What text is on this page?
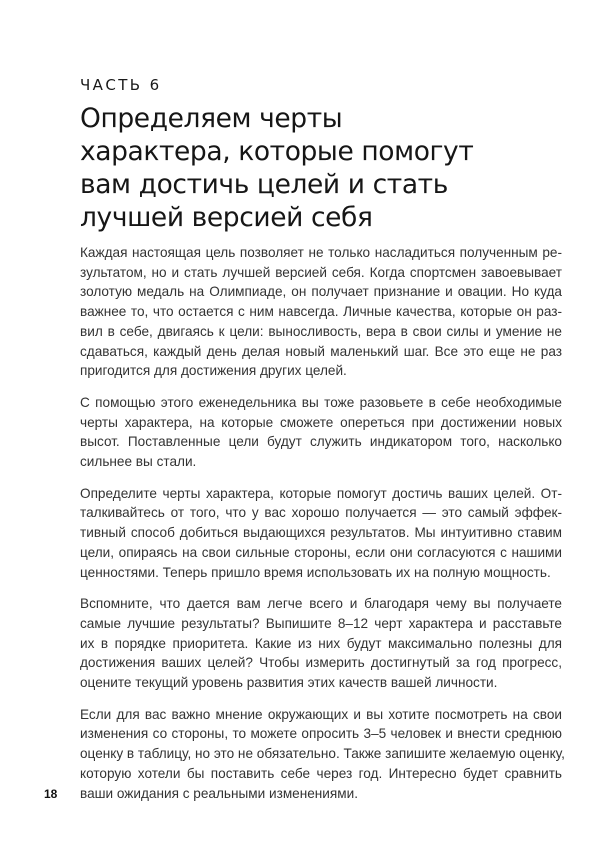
ЧАСТЬ 6
Определяем черты
характера, которые помогут
вам достичь целей и стать
лучшей версией себя

Каждая настоящая цель позволяет не только насладиться полученным ре-
зультатом, но и стать лучшей версией себя. Когда спортсмен завоевывает
золотую медаль на Олимпиаде, он получает признание и овации. Но куда
важнее то, что остается с ним навсегда. Личные качества, которые он раз-
вил в себе, двигаясь к цели: выносливость, вера в свои силы и умение не
сдаваться, каждый день делая новый маленький шаг. Все это еще не раз
пригодится для достижения других целей.

С помощью этого еженедельника вы тоже разовьете в себе необходимые
черты характера, на которые сможете опереться при достижении новых
высот. Поставленные цели будут служить индикатором того, насколько
сильнее вы стали.

Определите черты характера, которые помогут достичь ваших целей. От-
талкивайтесь от того, что у вас хорошо получается — это самый эффек-
тивный способ добиться выдающихся результатов. Мы интуитивно ставим
цели, опираясь на свои сильные стороны, если они согласуются с нашими
ценностями. Теперь пришло время использовать их на полную мощность.

Вспомните, что дается вам легче всего и благодаря чему вы получаете
самые лучшие результаты? Выпишите 8–12 черт характера и расставьте
их в порядке приоритета. Какие из них будут максимально полезны для
достижения ваших целей? Чтобы измерить достигнутый за год прогресс,
оцените текущий уровень развития этих качеств вашей личности.

Если для вас важно мнение окружающих и вы хотите посмотреть на свои
изменения со стороны, то можете опросить 3–5 человек и внести среднюю
оценку в таблицу, но это не обязательно. Также запишите желаемую оценку,
которую хотели бы поставить себе через год. Интересно будет сравнить
ваши ожидания с реальными изменениями.

18
